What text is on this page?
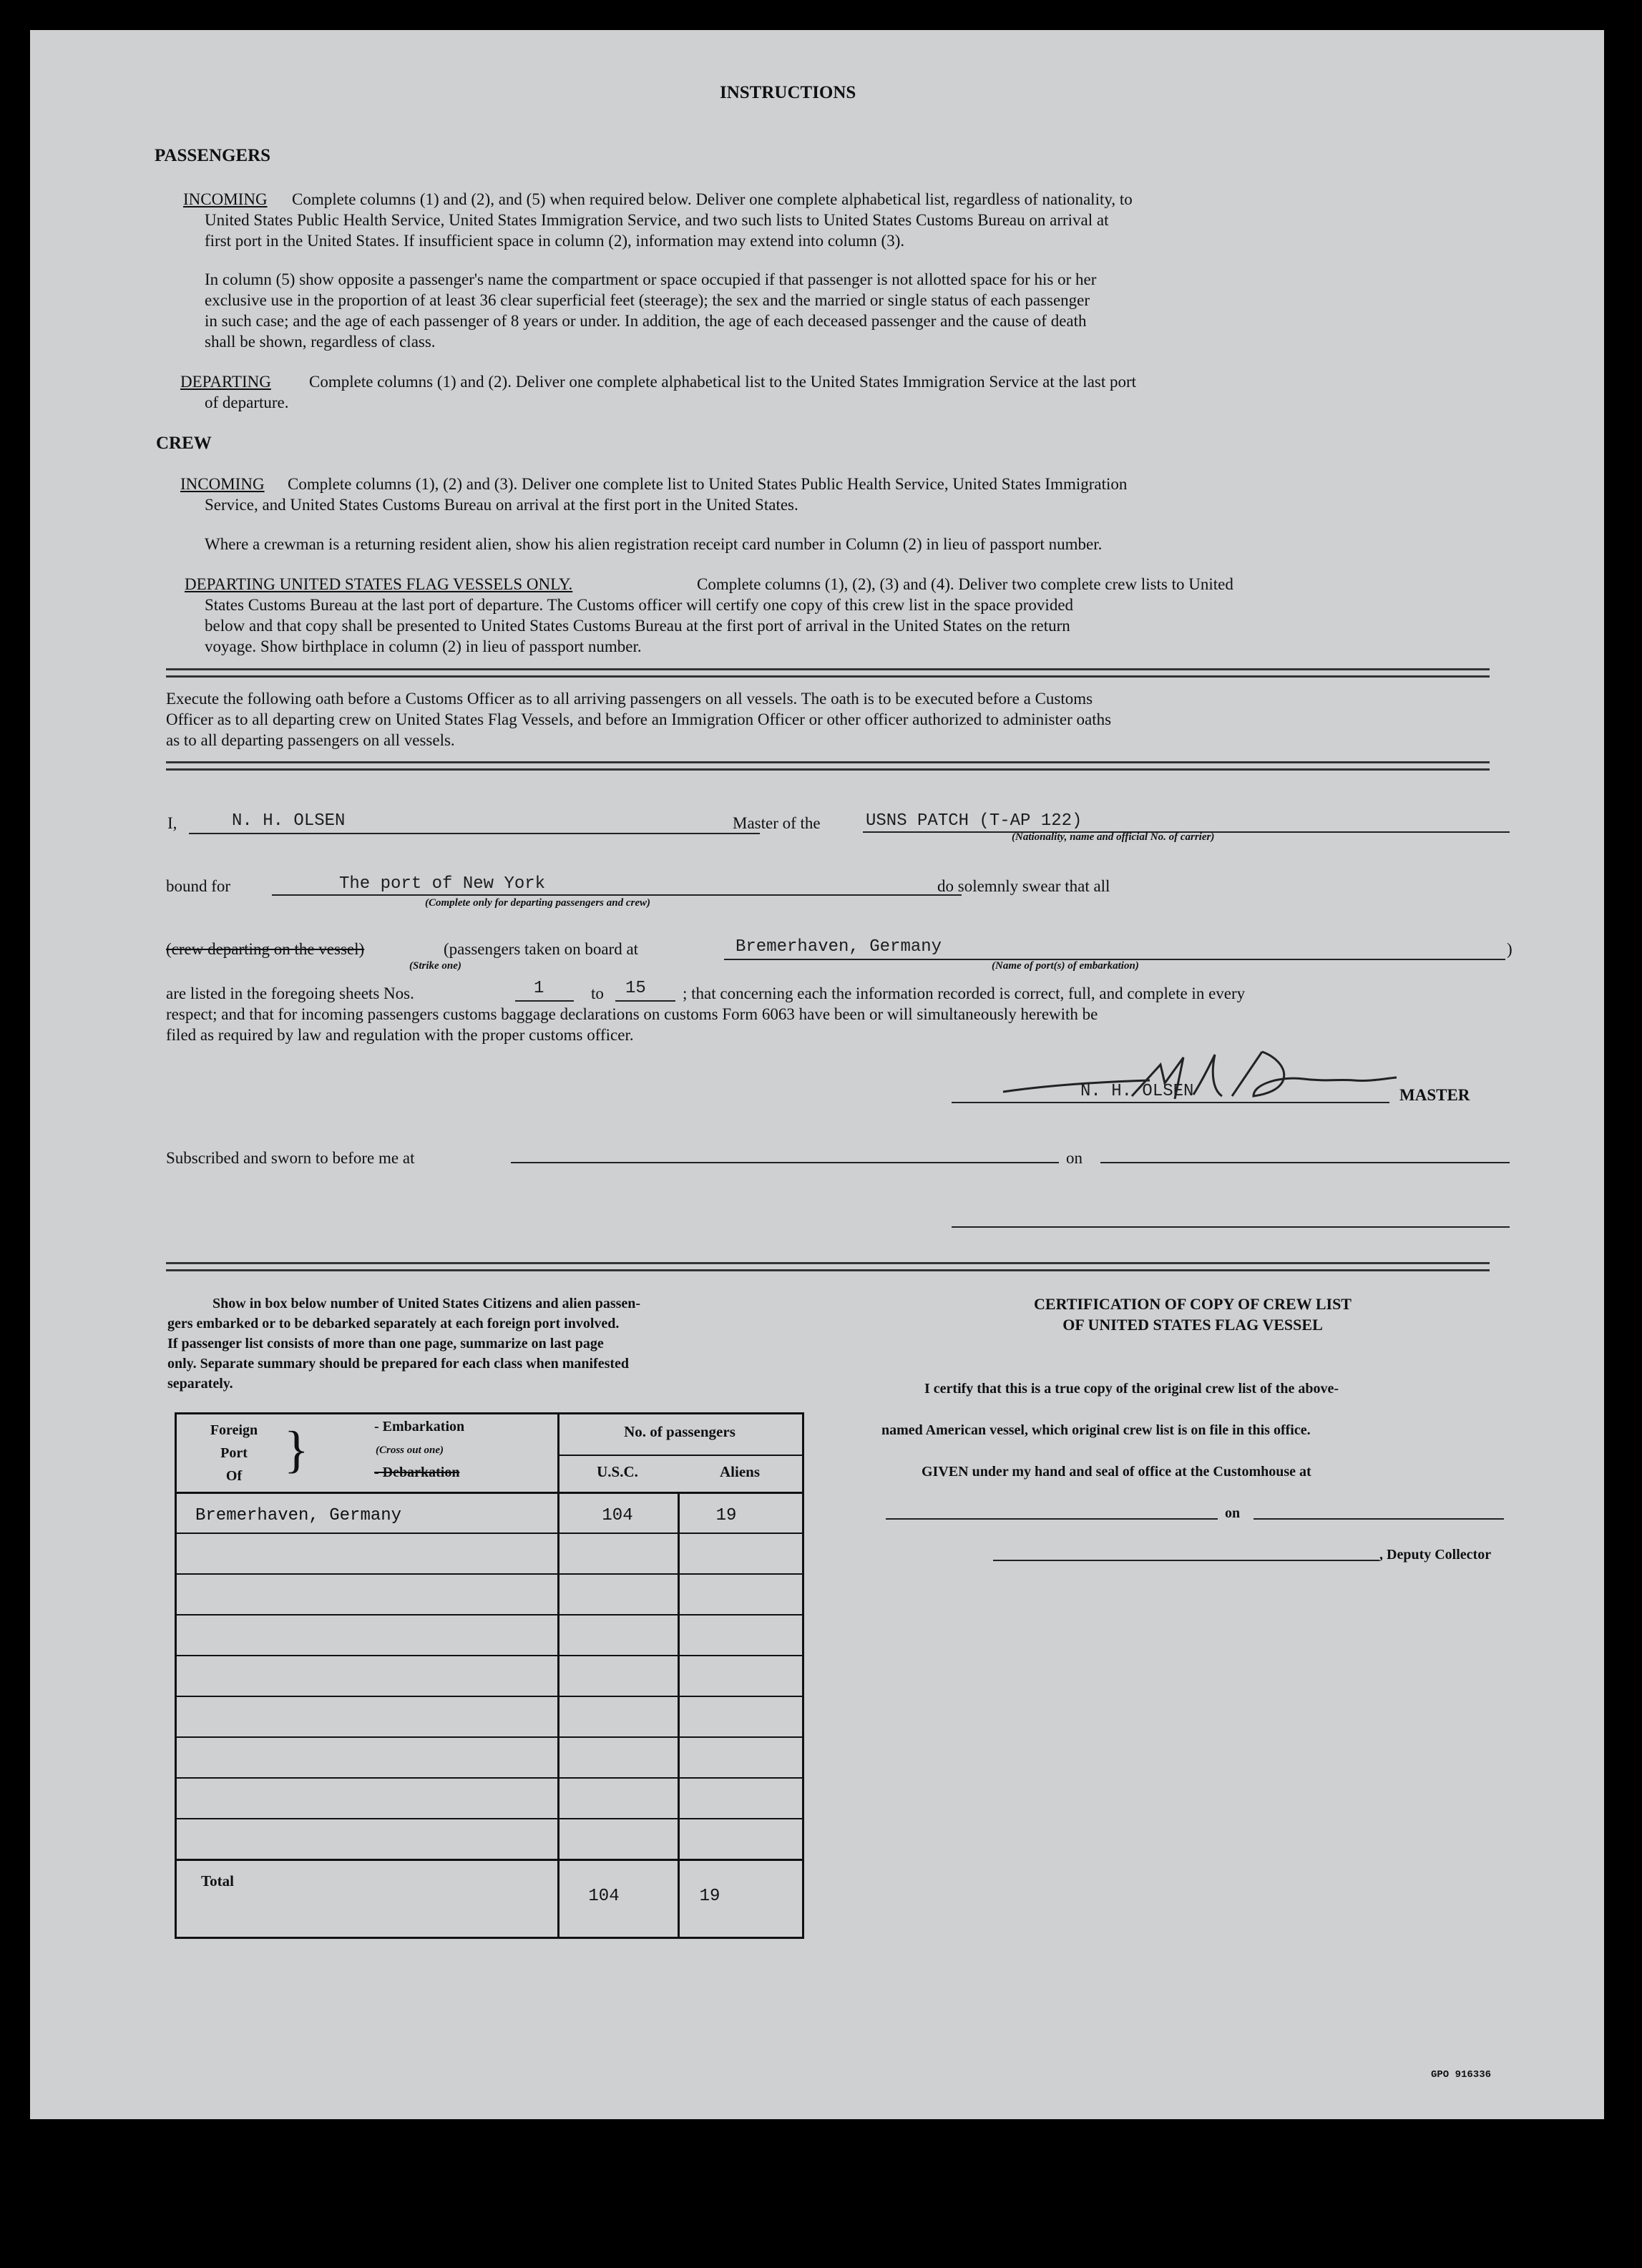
INSTRUCTIONS
PASSENGERS
INCOMING Complete columns (1) and (2), and (5) when required below. Deliver one complete alphabetical list, regardless of nationality, to
United States Public Health Service, United States Immigration Service, and two such lists to United States Customs Bureau on arrival at
first port in the United States. If insufficient space in column (2), information may extend into column (3).
In column (5) show opposite a passenger's name the compartment or space occupied if that passenger is not allotted space for his or her
exclusive use in the proportion of at least 36 clear superficial feet (steerage); the sex and the married or single status of each passenger
in such case; and the age of each passenger of 8 years or under. In addition, the age of each deceased passenger and the cause of death
shall be shown, regardless of class.
DEPARTING Complete columns (1) and (2). Deliver one complete alphabetical list to the United States Immigration Service at the last port
of departure.
CREW
INCOMING Complete columns (1), (2) and (3). Deliver one complete list to United States Public Health Service, United States Immigration
Service, and United States Customs Bureau on arrival at the first port in the United States.
Where a crewman is a returning resident alien, show his alien registration receipt card number in Column (2) in lieu of passport number.
DEPARTING UNITED STATES FLAG VESSELS ONLY.	Complete columns (1), (2), (3) and (4). Deliver two complete crew lists to United
States Customs Bureau at the last port of departure. The Customs officer will certify one copy of this crew list in the space provided
below and that copy shall be presented to United States Customs Bureau at the first port of arrival in the United States on the return
voyage. Show birthplace in column (2) in lieu of passport number.
Execute the following oath before a Customs Officer as to all arriving passengers on all vessels. The oath is to be executed before a Customs
Officer as to all departing crew on United States Flag Vessels, and before an Immigration Officer or other officer authorized to administer oaths
as to all departing passengers on all vessels.
I,	N. H. OLSEN	Master of the	USNS PATCH (T-AP 122)
(Nationality, name and official No. of carrier)
bound for	The port of New York
(Complete only for departing passengers and crew)
do solemnly swear that all
(crew departing on the vessel)
(Strike one)
(passengers taken on board at	Bremerhaven, Germany
(Name of port(s) of embarkation)
)
are listed in the foregoing sheets Nos.	1	to 15 ; that concerning each the information recorded is correct, full, and complete in every
respect; and that for incoming passengers customs baggage declarations on customs Form 6063 have been or will simultaneously herewith be
filed as required by law and regulation with the proper customs officer.
N. H. OLSEN	MASTER
Subscribed and sworn to before me at	on
Show in box below number of United States Citizens and alien passen-
gers embarked or to be debarked separately at each foreign port involved.
If passenger list consists of more than one page, summarize on last page
only. Separate summary should be prepared for each class when manifested
separately.
Foreign
Port
Of }	- Embarkation
(Cross out one)
- Debarkation
No. of passengers
U.S.C.	Aliens
Bremerhaven, Germany	104	19
Total
104	19
CERTIFICATION OF COPY OF CREW LIST
OF UNITED STATES FLAG VESSEL
I certify that this is a true copy of the original crew list of the above-
named American vessel, which original crew list is on file in this office.
GIVEN under my hand and seal of office at the Customhouse at
on
, Deputy Collector
GPO 916336
